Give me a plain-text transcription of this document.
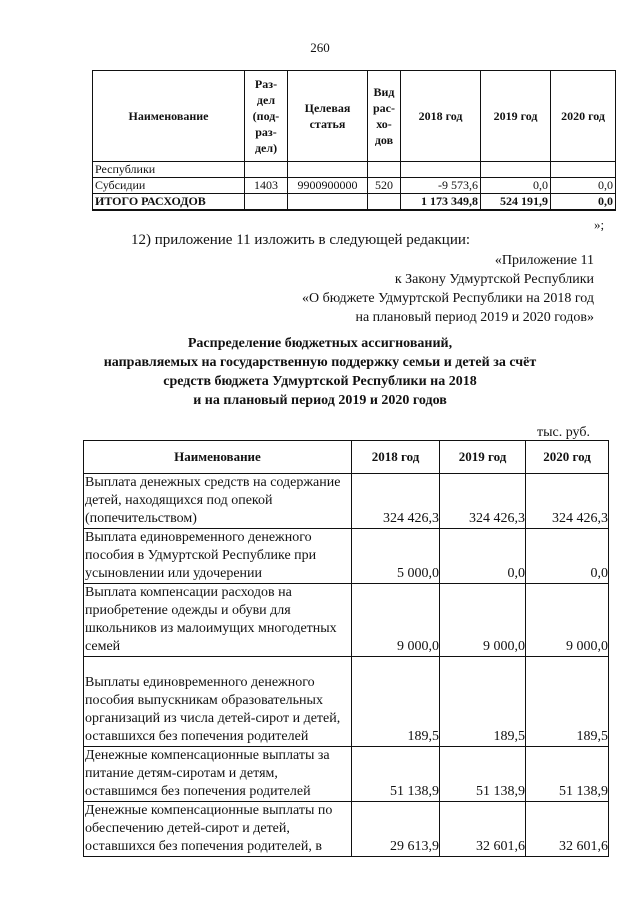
260
Наименование	Раз-дел (под-раз-дел)	Целевая статья	Вид рас-хо-дов	2018 год	2019 год	2020 год
Республики						
Субсидии	1403	9900900000	520	-9 573,6	0,0	0,0
ИТОГО РАСХОДОВ				1 173 349,8	524 191,9	0,0
»;
12) приложение 11 изложить в следующей редакции:
«Приложение 11
к Закону Удмуртской Республики
«О бюджете Удмуртской Республики на 2018 год
на плановый период 2019 и 2020 годов»
Распределение бюджетных ассигнований,
направляемых на государственную поддержку семьи и детей за счёт
средств бюджета Удмуртской Республики на 2018
и на плановый период 2019 и 2020 годов
тыс. руб.
Наименование	2018 год	2019 год	2020 год
Выплата денежных средств на содержание детей, находящихся под опекой (попечительством)	324 426,3	324 426,3	324 426,3
Выплата единовременного денежного пособия в Удмуртской Республике при усыновлении или удочерении	5 000,0	0,0	0,0
Выплата компенсации расходов на приобретение одежды и обуви для школьников из малоимущих многодетных семей	9 000,0	9 000,0	9 000,0
Выплаты единовременного денежного пособия выпускникам образовательных организаций из числа детей-сирот и детей, оставшихся без попечения родителей	189,5	189,5	189,5
Денежные компенсационные выплаты за питание детям-сиротам и детям, оставшимся без попечения родителей	51 138,9	51 138,9	51 138,9
Денежные компенсационные выплаты по обеспечению детей-сирот и детей, оставшихся без попечения родителей, в	29 613,9	32 601,6	32 601,6
